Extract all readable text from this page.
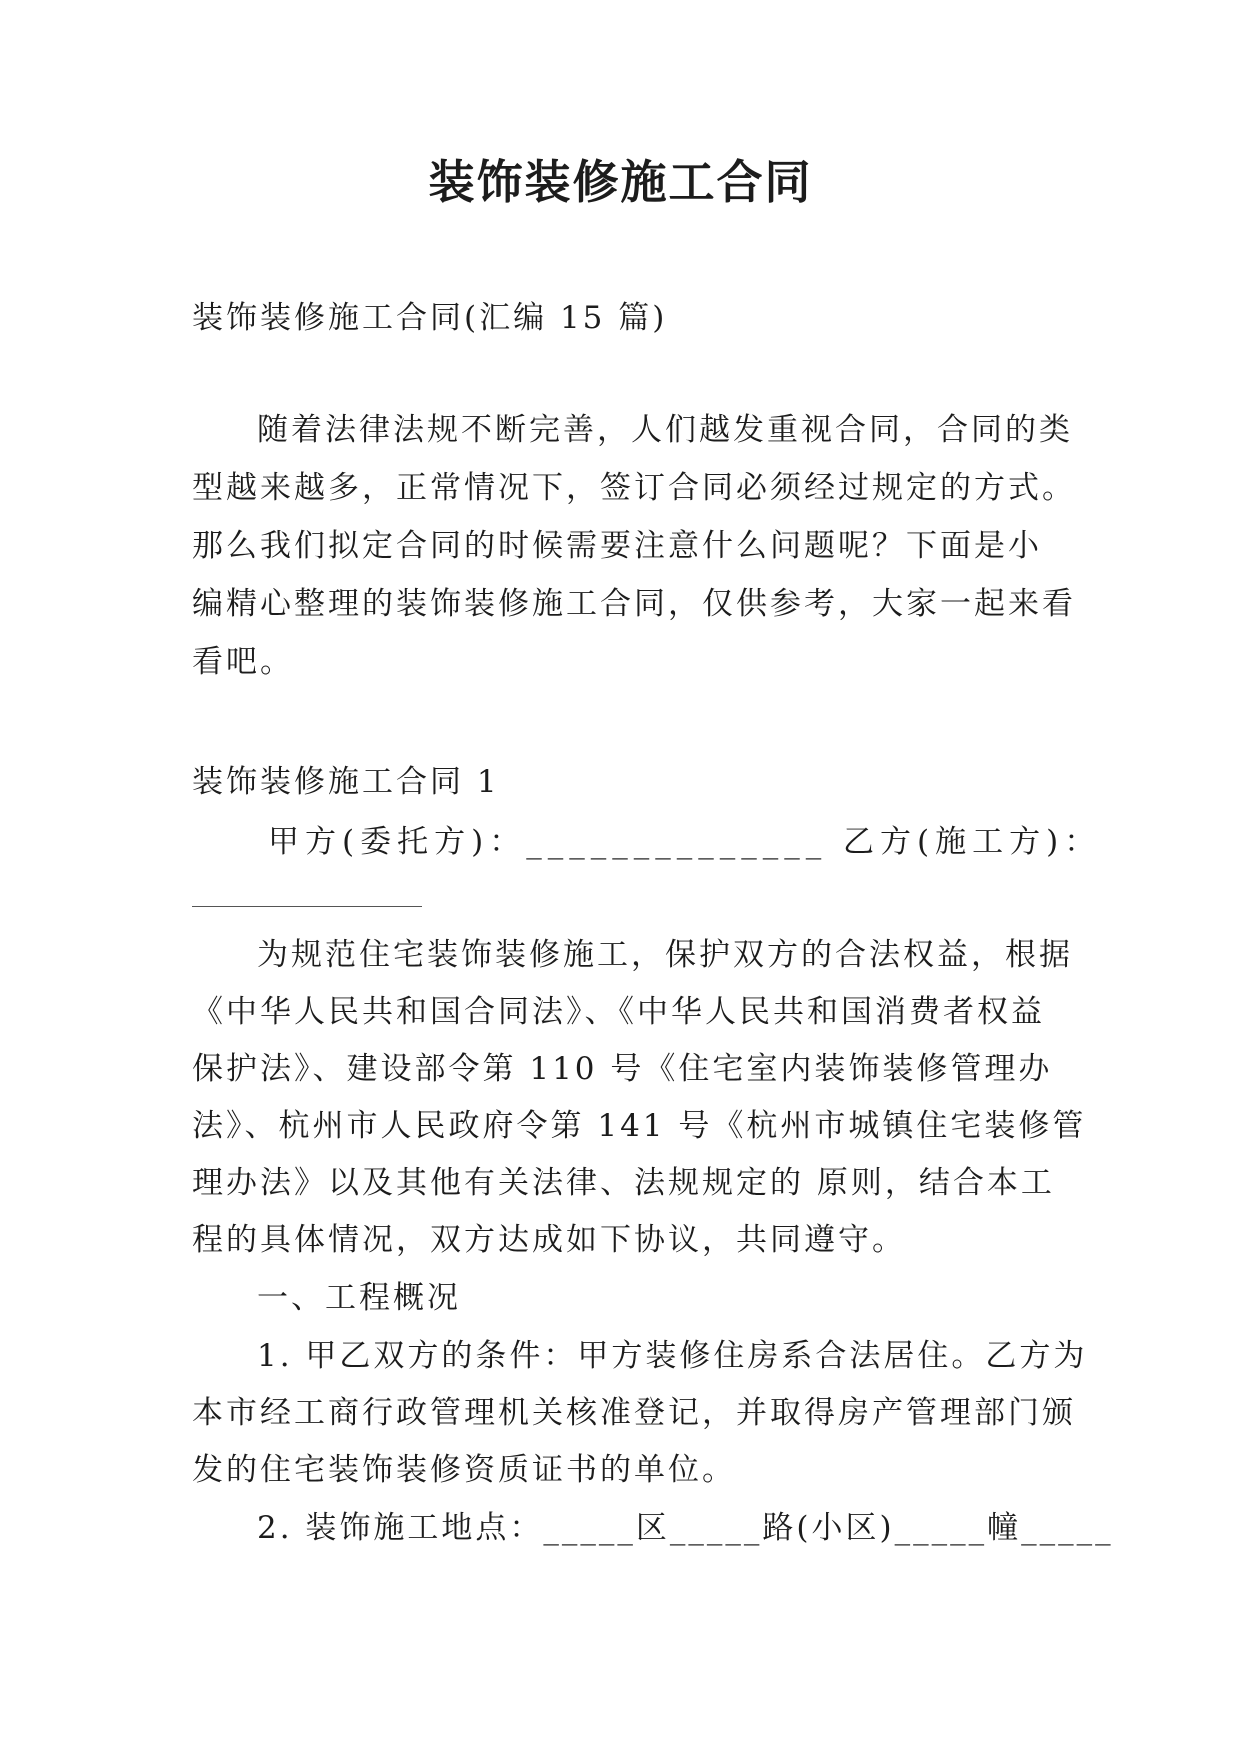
装饰装修施工合同
装饰装修施工合同(汇编 15 篇)
随着法律法规不断完善，人们越发重视合同，合同的类
型越来越多，正常情况下，签订合同必须经过规定的方式。
那么我们拟定合同的时候需要注意什么问题呢？下面是小
编精心整理的装饰装修施工合同，仅供参考，大家一起来看
看吧。
装饰装修施工合同 1
甲方(委托方)：______________ 乙方(施工方)：
为规范住宅装饰装修施工，保护双方的合法权益，根据
《中华人民共和国合同法》、《中华人民共和国消费者权益
保护法》、建设部令第 110 号《住宅室内装饰装修管理办
法》、杭州市人民政府令第 141 号《杭州市城镇住宅装修管
理办法》以及其他有关法律、法规规定的 原则，结合本工
程的具体情况，双方达成如下协议，共同遵守。
一、工程概况
1. 甲乙双方的条件：甲方装修住房系合法居住。乙方为
本市经工商行政管理机关核准登记，并取得房产管理部门颁
发的住宅装饰装修资质证书的单位。
2. 装饰施工地点：_____区_____路(小区)_____幢_____
